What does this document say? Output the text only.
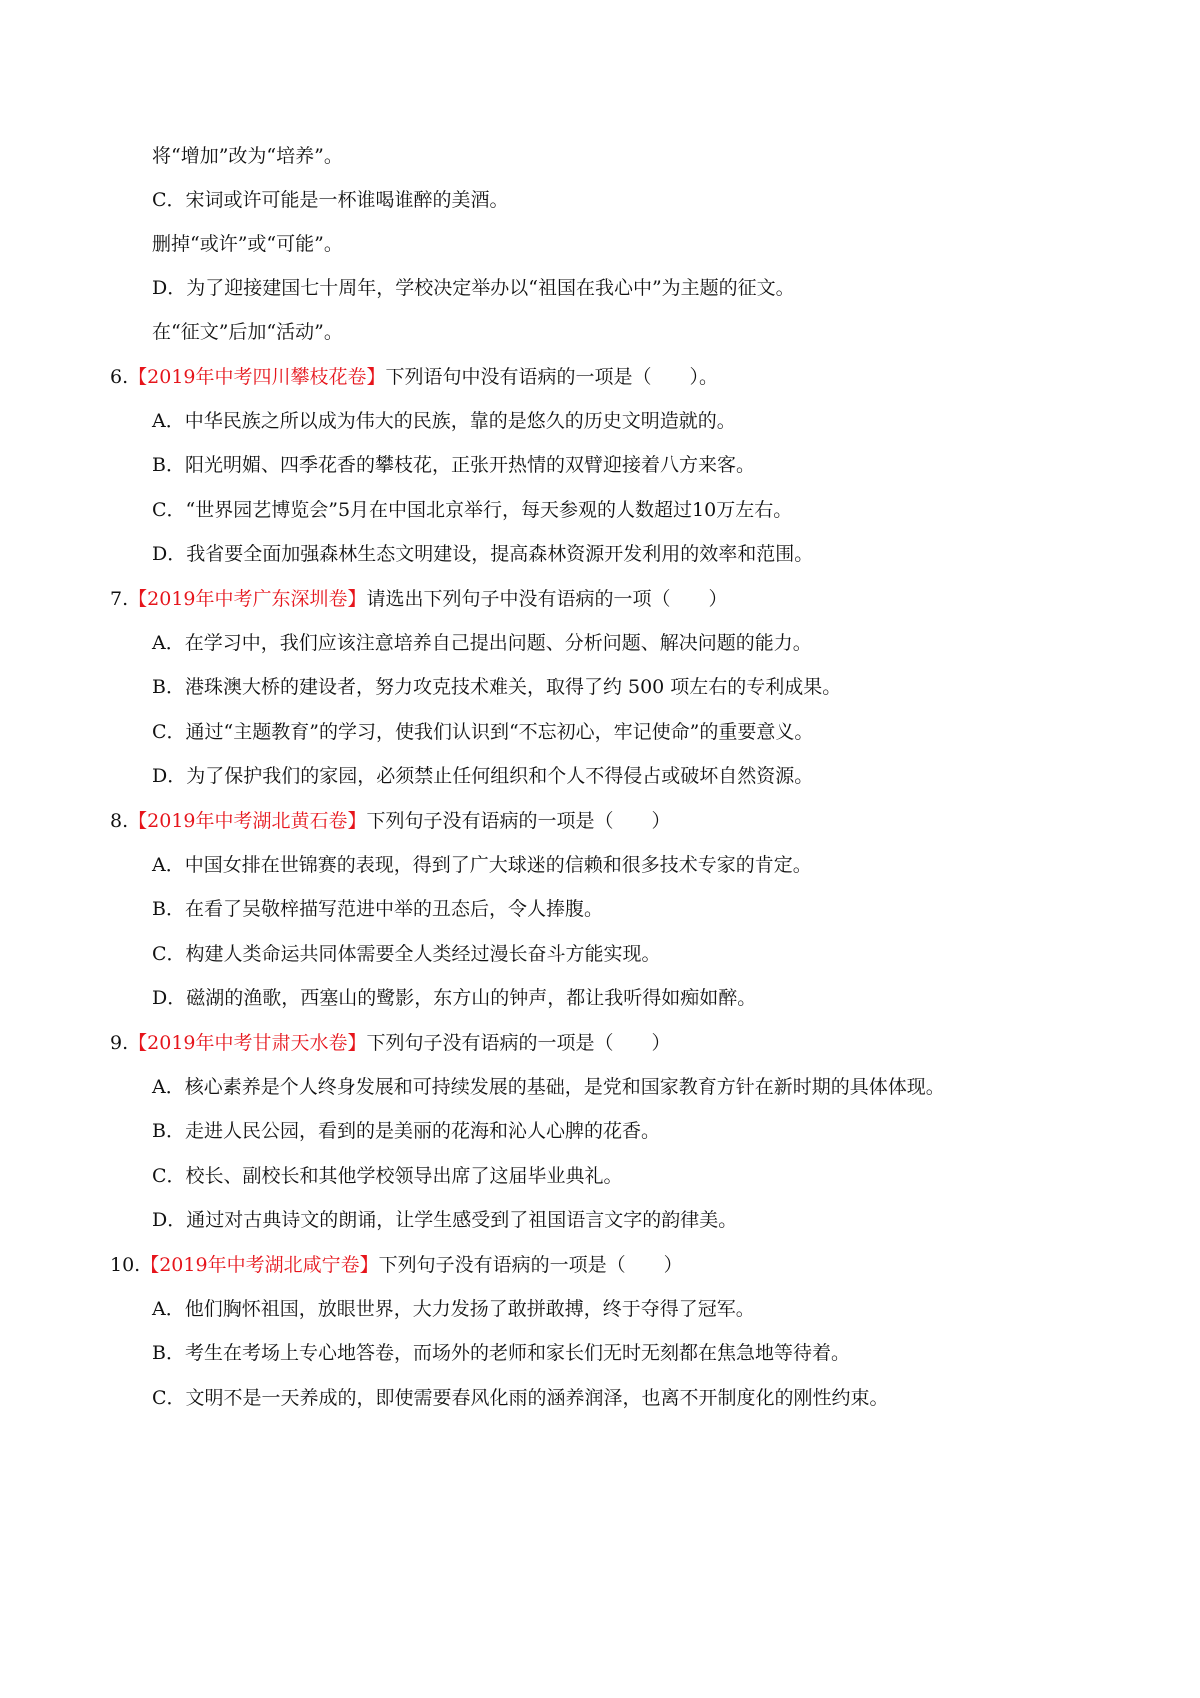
将“增加”改为“培养”。
C．宋词或许可能是一杯谁喝谁醉的美酒。
删掉“或许”或“可能”。
D．为了迎接建国七十周年，学校决定举办以“祖国在我心中”为主题的征文。
在“征文”后加“活动”。
6.【2019年中考四川攀枝花卷】下列语句中没有语病的一项是（　　）。
A．中华民族之所以成为伟大的民族，靠的是悠久的历史文明造就的。
B．阳光明媚、四季花香的攀枝花，正张开热情的双臂迎接着八方来客。
C．“世界园艺博览会”5月在中国北京举行，每天参观的人数超过10万左右。
D．我省要全面加强森林生态文明建设，提高森林资源开发利用的效率和范围。
7.【2019年中考广东深圳卷】请选出下列句子中没有语病的一项（　　）
A．在学习中，我们应该注意培养自己提出问题、分析问题、解决问题的能力。
B．港珠澳大桥的建设者，努力攻克技术难关，取得了约 500 项左右的专利成果。
C．通过“主题教育”的学习，使我们认识到“不忘初心，牢记使命”的重要意义。
D．为了保护我们的家园，必须禁止任何组织和个人不得侵占或破坏自然资源。
8.【2019年中考湖北黄石卷】下列句子没有语病的一项是（　　）
A．中国女排在世锦赛的表现，得到了广大球迷的信赖和很多技术专家的肯定。
B．在看了吴敬梓描写范进中举的丑态后，令人捧腹。
C．构建人类命运共同体需要全人类经过漫长奋斗方能实现。
D．磁湖的渔歌，西塞山的鹭影，东方山的钟声，都让我听得如痴如醉。
9.【2019年中考甘肃天水卷】下列句子没有语病的一项是（　　）
A．核心素养是个人终身发展和可持续发展的基础，是党和国家教育方针在新时期的具体体现。
B．走进人民公园，看到的是美丽的花海和沁人心脾的花香。
C．校长、副校长和其他学校领导出席了这届毕业典礼。
D．通过对古典诗文的朗诵，让学生感受到了祖国语言文字的韵律美。
10.【2019年中考湖北咸宁卷】下列句子没有语病的一项是（　　）
A．他们胸怀祖国，放眼世界，大力发扬了敢拼敢搏，终于夺得了冠军。
B．考生在考场上专心地答卷，而场外的老师和家长们无时无刻都在焦急地等待着。
C．文明不是一天养成的，即使需要春风化雨的涵养润泽，也离不开制度化的刚性约束。
